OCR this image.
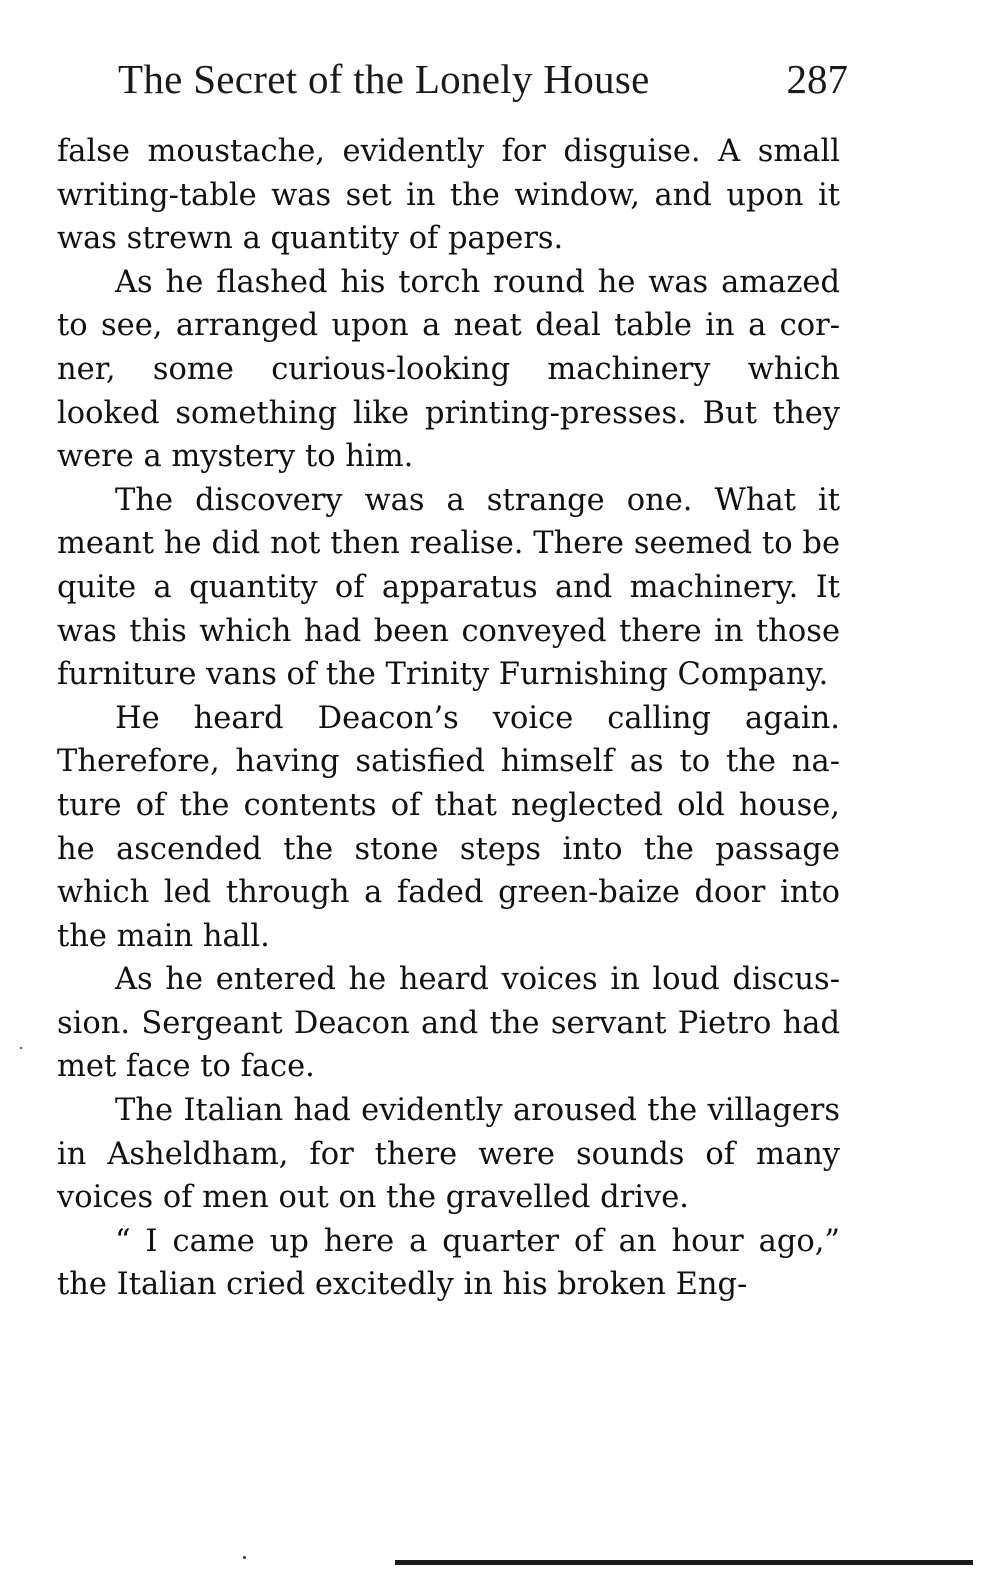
The Secret of the Lonely House	287

false moustache, evidently for disguise. A small writing-table was set in the window, and upon it was strewn a quantity of papers.

As he flashed his torch round he was amazed to see, arranged upon a neat deal table in a corner, some curious-looking machinery which looked something like printing-presses. But they were a mystery to him.

The discovery was a strange one. What it meant he did not then realise. There seemed to be quite a quantity of apparatus and machinery. It was this which had been conveyed there in those furniture vans of the Trinity Furnishing Company.

He heard Deacon’s voice calling again. Therefore, having satisfied himself as to the nature of the contents of that neglected old house, he ascended the stone steps into the passage which led through a faded green-baize door into the main hall.

As he entered he heard voices in loud discussion. Sergeant Deacon and the servant Pietro had met face to face.

The Italian had evidently aroused the villagers in Asheldham, for there were sounds of many voices of men out on the gravelled drive.

“ I came up here a quarter of an hour ago,” the Italian cried excitedly in his broken Eng-
